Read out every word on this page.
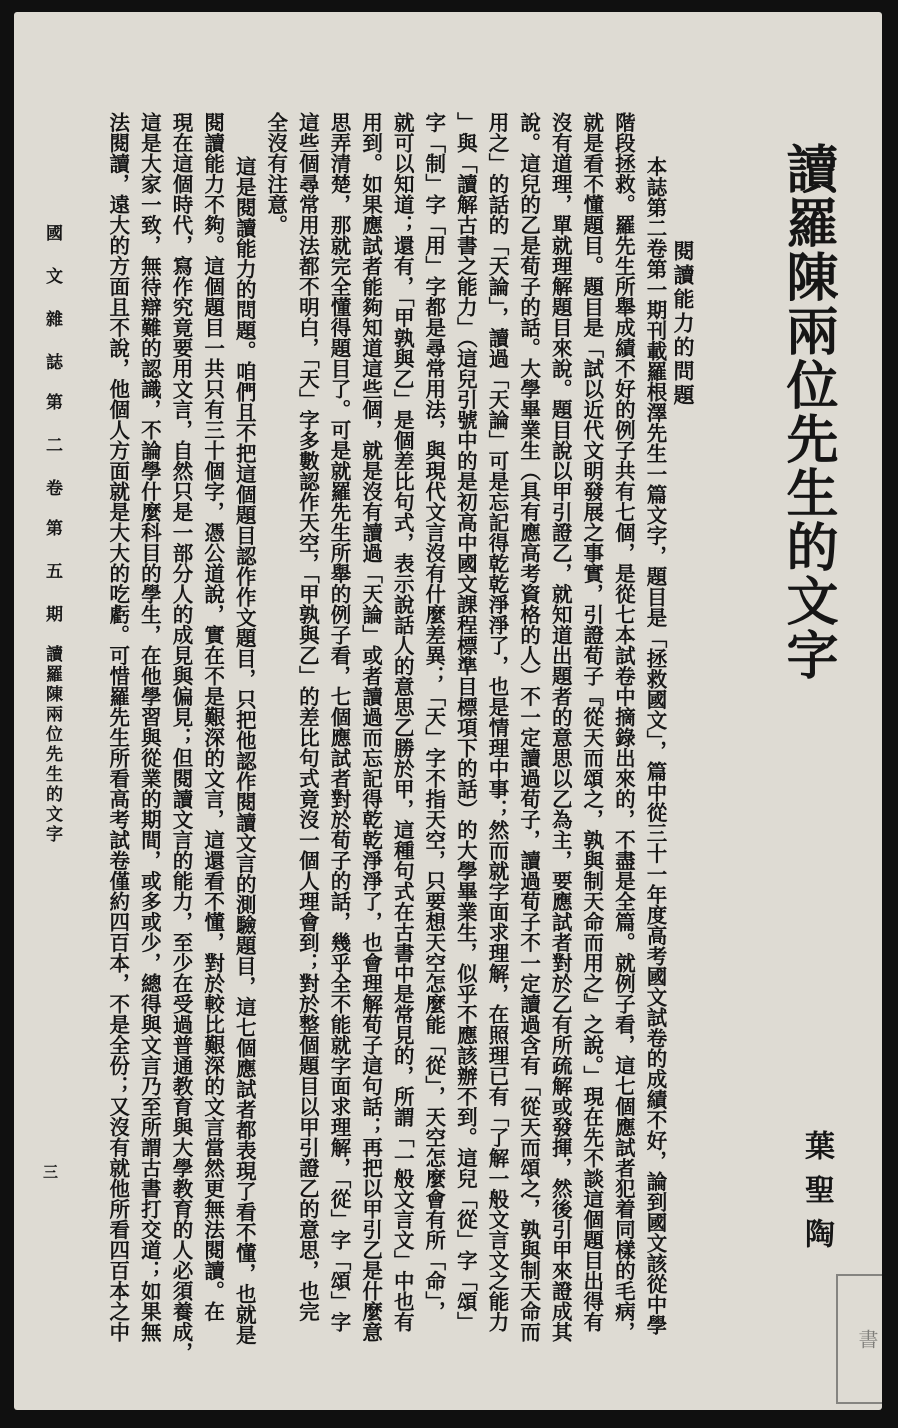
讀羅陳兩位先生的文字
葉聖陶
閱讀能力的問題
本誌第二卷第一期刊載羅根澤先生一篇文字，題目是「拯救國文」，篇中從三十一年度高考國文試卷的成績不好，論到國文該從中學
階段拯救。羅先生所舉成績不好的例子共有七個，是從七本試卷中摘錄出來的，不盡是全篇。就例子看，這七個應試者犯着同樣的毛病，
就是看不懂題目。題目是「試以近代文明發展之事實，引證荀子『從天而頌之，孰與制天命而用之』之說。」現在先不談這個題目出得有
沒有道理，單就理解題目來說。題目說以甲引證乙，就知道出題者的意思以乙為主，要應試者對於乙有所疏解或發揮，然後引甲來證成其
說。這兒的乙是荀子的話。大學畢業生（具有應高考資格的人）不一定讀過荀子，讀過荀子不一定讀過含有「從天而頌之，孰與制天命而
用之」的話的「天論」，讀過「天論」可是忘記得乾乾淨淨了，也是情理中事；然而就字面求理解，在照理已有「了解一般文言文之能力
」與「讀解古書之能力」（這兒引號中的是初高中國文課程標準目標項下的話）的大學畢業生，似乎不應該辦不到。這兒「從」字「頌」
字「制」字「用」字都是尋常用法，與現代文言沒有什麼差異；「天」字不指天空，只要想天空怎麼能「從」，天空怎麼會有所「命」，
就可以知道；還有，「甲孰與乙」是個差比句式，表示說話人的意思乙勝於甲，這種句式在古書中是常見的，所謂「一般文言文」中也有
用到。如果應試者能夠知道這些個，就是沒有讀過「天論」或者讀過而忘記得乾乾淨淨了，也會理解荀子這句話；再把以甲引乙是什麼意
思弄清楚，那就完全懂得題目了。可是就羅先生所舉的例子看，七個應試者對於荀子的話，幾乎全不能就字面求理解，「從」字「頌」字
這些個尋常用法都不明白，「天」字多數認作天空，「甲孰與乙」的差比句式竟沒一個人理會到；對於整個題目以甲引證乙的意思，也完
全沒有注意。
這是閱讀能力的問題。咱們且不把這個題目認作作文題目，只把他認作閱讀文言的測驗題目，這七個應試者都表現了看不懂，也就是
閱讀能力不夠。這個題目一共只有三十個字，憑公道說，實在不是艱深的文言，這還看不懂，對於較比艱深的文言當然更無法閱讀。在
現在這個時代，寫作究竟要用文言，自然只是一部分人的成見與偏見；但閱讀文言的能力，至少在受過普通教育與大學教育的人必須養成，
這是大家一致，無待辯難的認識，不論學什麼科目的學生，在他學習與從業的期間，或多或少，總得與文言乃至所謂古書打交道；如果無
法閱讀，遠大的方面且不說，他個人方面就是大大的吃虧。可惜羅先生所看高考試卷僅約四百本，不是全份；又沒有就他所看四百本之中
國 文 雜 誌　第 二 卷　第 五 期　讀羅陳兩位先生的文字
三
書
